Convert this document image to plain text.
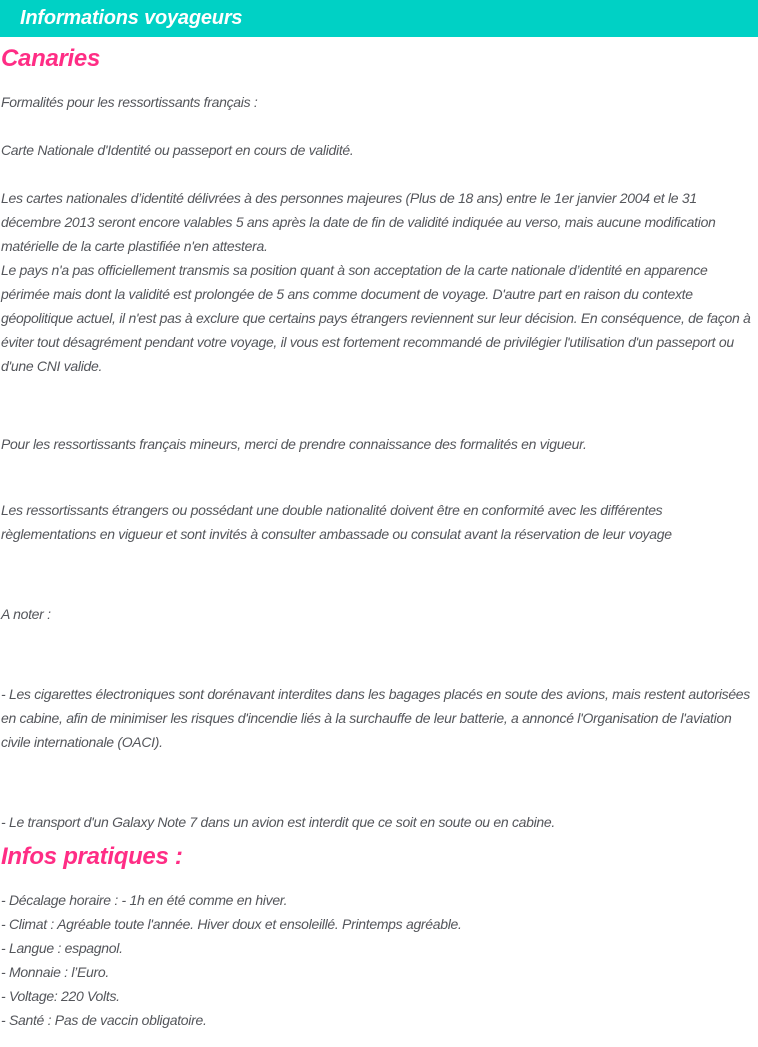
Informations voyageurs
Canaries

Formalités pour les ressortissants français :

Carte Nationale d'Identité ou passeport en cours de validité.

Les cartes nationales d’identité délivrées à des personnes majeures (Plus de 18 ans) entre le 1er janvier 2004 et le 31 décembre 2013 seront encore valables 5 ans après la date de fin de validité indiquée au verso, mais aucune modification matérielle de la carte plastifiée n'en attestera.

Le pays n'a pas officiellement transmis sa position quant à son acceptation de la carte nationale d’identité en apparence périmée mais dont la validité est prolongée de 5 ans comme document de voyage. D'autre part en raison du contexte géopolitique actuel, il n'est pas à exclure que certains pays étrangers reviennent sur leur décision. En conséquence, de façon à éviter tout désagrément pendant votre voyage, il vous est fortement recommandé de privilégier l'utilisation d'un passeport ou d'une CNI valide.

Pour les ressortissants français mineurs, merci de prendre connaissance des formalités en vigueur.

Les ressortissants étrangers ou possédant une double nationalité doivent être en conformité avec les différentes règlementations en vigueur et sont invités à consulter ambassade ou consulat avant la réservation de leur voyage

A noter :

- Les cigarettes électroniques sont dorénavant interdites dans les bagages placés en soute des avions, mais restent autorisées en cabine, afin de minimiser les risques d'incendie liés à la surchauffe de leur batterie, a annoncé l'Organisation de l'aviation civile internationale (OACI).

- Le transport d'un Galaxy Note 7 dans un avion est interdit que ce soit en soute ou en cabine.

Infos pratiques :

- Décalage horaire : - 1h en été comme en hiver.

- Climat : Agréable toute l'année. Hiver doux et ensoleillé. Printemps agréable.

- Langue : espagnol.

- Monnaie : l’Euro.

- Voltage: 220 Volts.

- Santé : Pas de vaccin obligatoire.
